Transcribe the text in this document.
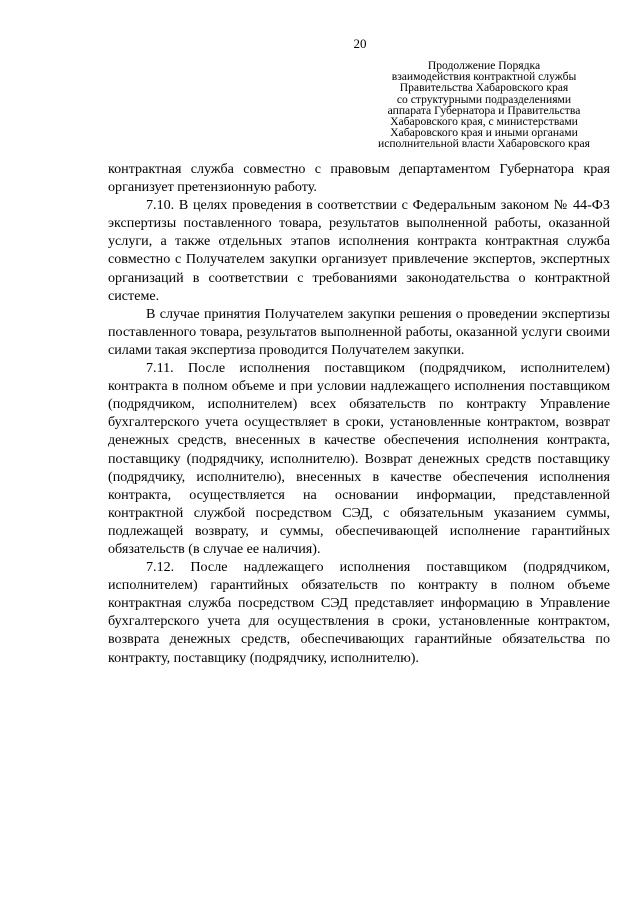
20
Продолжение Порядка
взаимодействия контрактной службы
Правительства Хабаровского края
со структурными подразделениями
аппарата Губернатора и Правительства
Хабаровского края, с министерствами
Хабаровского края и иными органами
исполнительной власти Хабаровского края

контрактная служба совместно с правовым департаментом Губернатора края организует претензионную работу.

7.10. В целях проведения в соответствии с Федеральным законом № 44-ФЗ экспертизы поставленного товара, результатов выполненной работы, оказанной услуги, а также отдельных этапов исполнения контракта контрактная служба совместно с Получателем закупки организует привлечение экспертов, экспертных организаций в соответствии с требованиями законодательства о контрактной системе.

В случае принятия Получателем закупки решения о проведении экспертизы поставленного товара, результатов выполненной работы, оказанной услуги своими силами такая экспертиза проводится Получателем закупки.

7.11. После исполнения поставщиком (подрядчиком, исполнителем) контракта в полном объеме и при условии надлежащего исполнения поставщиком (подрядчиком, исполнителем) всех обязательств по контракту Управление бухгалтерского учета осуществляет в сроки, установленные контрактом, возврат денежных средств, внесенных в качестве обеспечения исполнения контракта, поставщику (подрядчику, исполнителю). Возврат денежных средств поставщику (подрядчику, исполнителю), внесенных в качестве обеспечения исполнения контракта, осуществляется на основании информации, представленной контрактной службой посредством СЭД, с обязательным указанием суммы, подлежащей возврату, и суммы, обеспечивающей исполнение гарантийных обязательств (в случае ее наличия).

7.12. После надлежащего исполнения поставщиком (подрядчиком, исполнителем) гарантийных обязательств по контракту в полном объеме контрактная служба посредством СЭД представляет информацию в Управление бухгалтерского учета для осуществления в сроки, установленные контрактом, возврата денежных средств, обеспечивающих гарантийные обязательства по контракту, поставщику (подрядчику, исполнителю).
